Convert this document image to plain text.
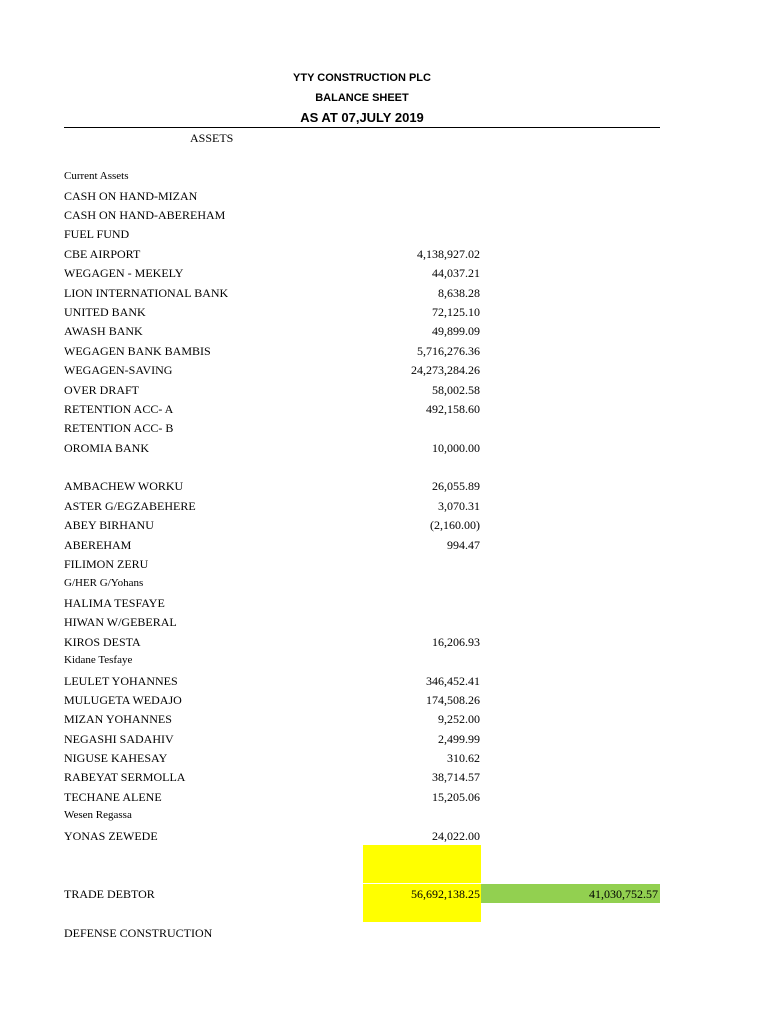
YTY CONSTRUCTION PLC
BALANCE SHEET
AS AT 07,JULY 2019
ASSETS
Current Assets
CASH ON HAND-MIZAN
CASH ON HAND-ABEREHAM
FUEL FUND
CBE AIRPORT	4,138,927.02
WEGAGEN - MEKELY	44,037.21
LION INTERNATIONAL BANK	8,638.28
UNITED BANK	72,125.10
AWASH BANK	49,899.09
WEGAGEN BANK BAMBIS	5,716,276.36
WEGAGEN-SAVING	24,273,284.26
OVER DRAFT	58,002.58
RETENTION ACC- A	492,158.60
RETENTION ACC- B
OROMIA BANK	10,000.00
AMBACHEW WORKU	26,055.89
ASTER G/EGZABEHERE	3,070.31
ABEY BIRHANU	(2,160.00)
ABEREHAM	994.47
FILIMON ZERU
G/HER G/Yohans
HALIMA TESFAYE
HIWAN W/GEBERAL
KIROS DESTA	16,206.93
Kidane Tesfaye
LEULET YOHANNES	346,452.41
MULUGETA WEDAJO	174,508.26
MIZAN YOHANNES	9,252.00
NEGASHI SADAHIV	2,499.99
NIGUSE KAHESAY	310.62
RABEYAT SERMOLLA	38,714.57
TECHANE ALENE	15,205.06
Wesen Regassa
YONAS ZEWEDE	24,022.00
TRADE DEBTOR	56,692,138.25	41,030,752.57
DEFENSE CONSTRUCTION
